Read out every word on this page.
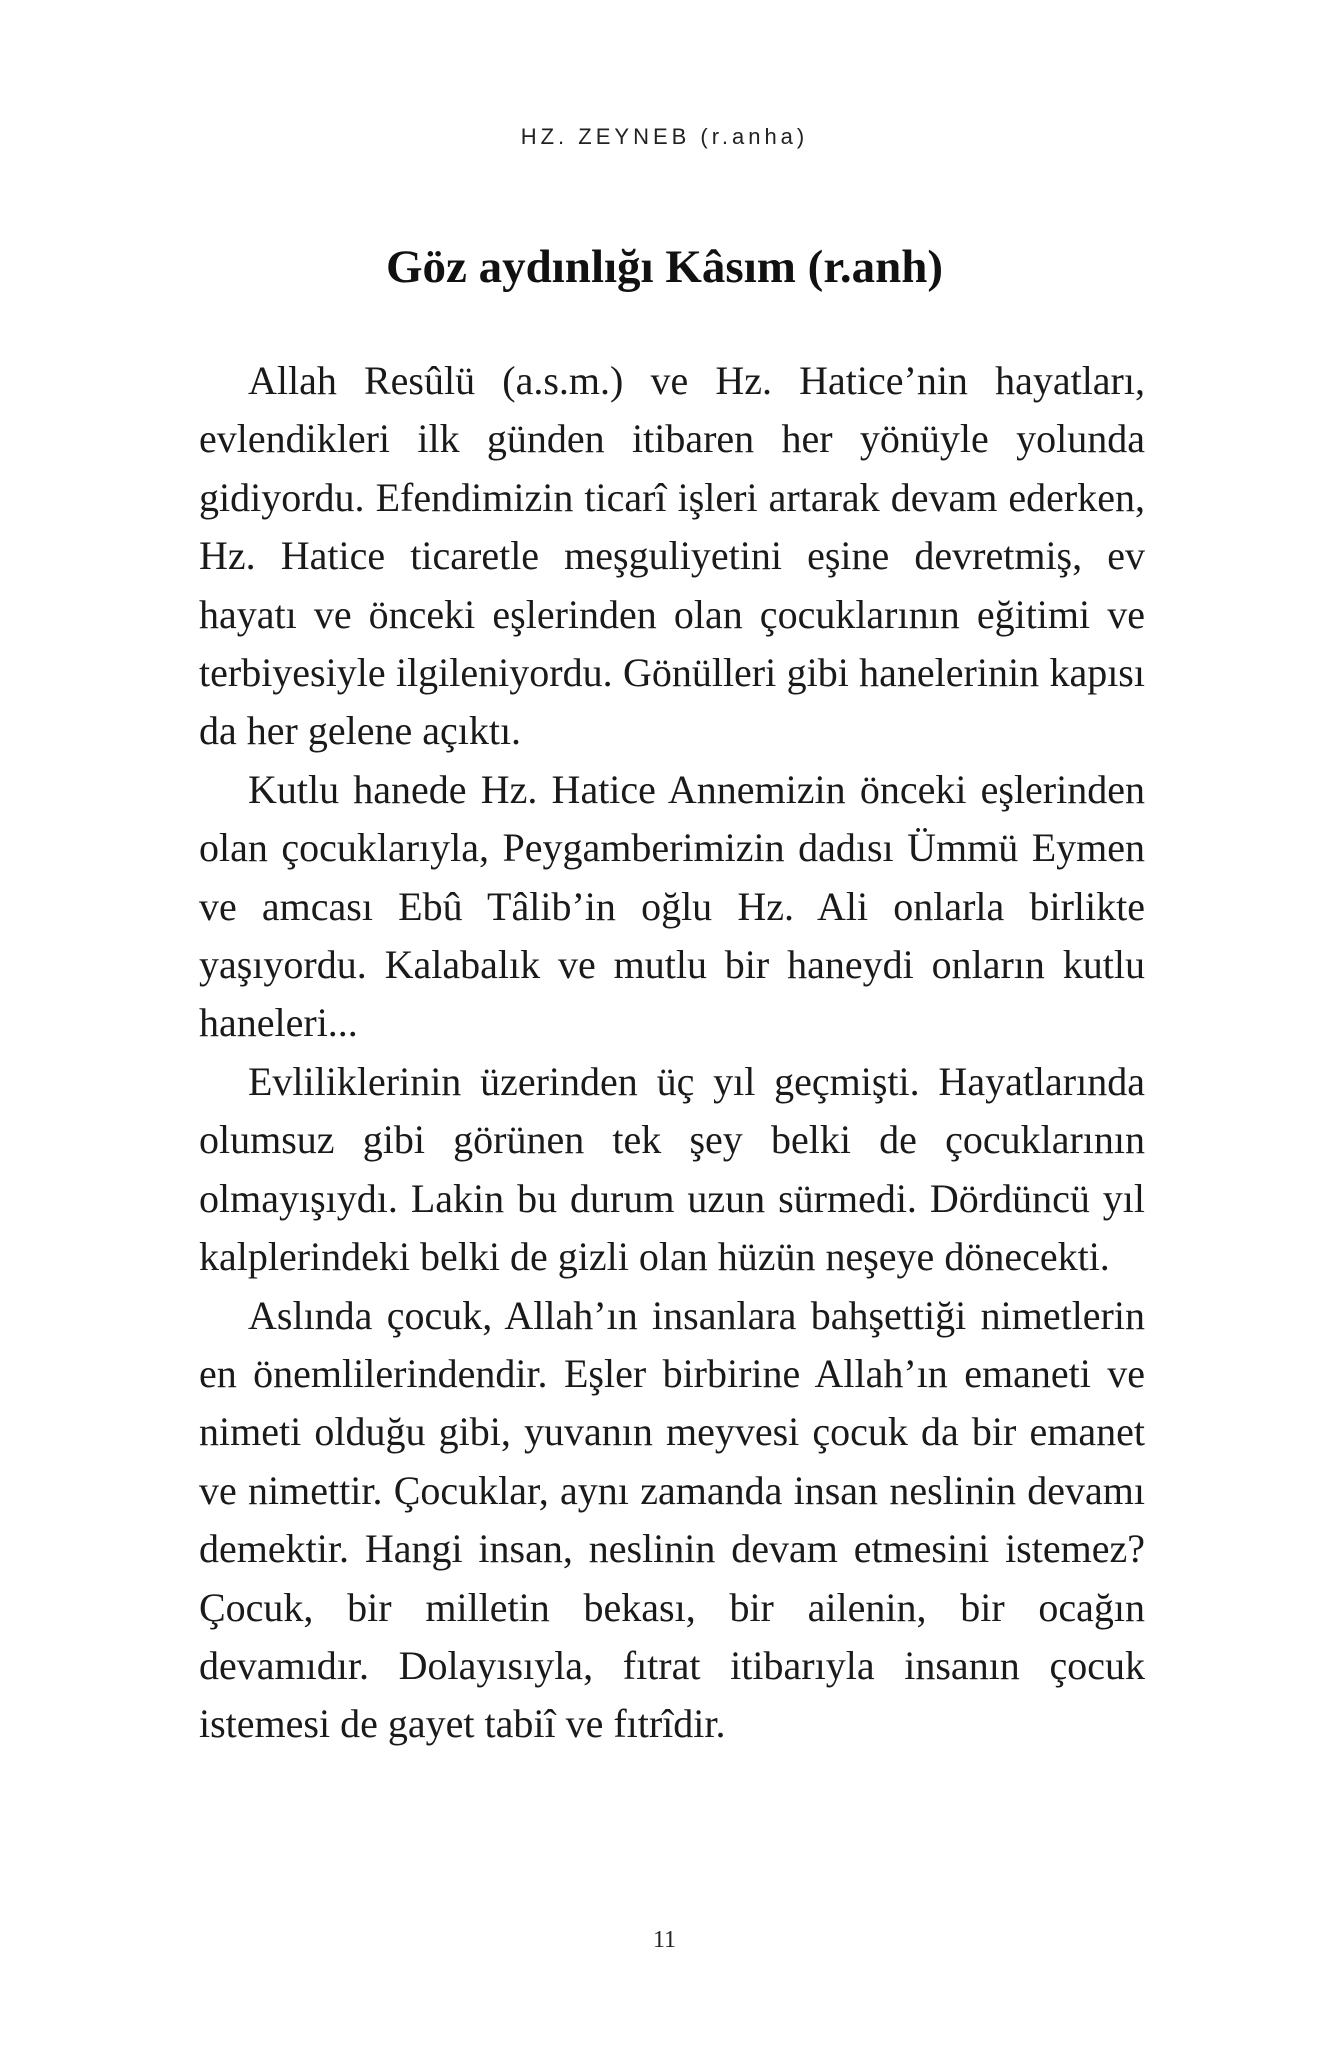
HZ. ZEYNEB (r.anha)
Göz aydınlığı Kâsım (r.anh)

Allah Resûlü (a.s.m.) ve Hz. Hatice’nin hayatları, evlendikleri ilk günden itibaren her yönüyle yolunda gidiyordu. Efendimizin ticarî işleri artarak devam ederken, Hz. Hatice ticaretle meşguliyetini eşine devretmiş, ev hayatı ve önceki eşlerinden olan çocuklarının eğitimi ve terbiyesiyle ilgileniyordu. Gönülleri gibi hanelerinin kapısı da her gelene açıktı.

Kutlu hanede Hz. Hatice Annemizin önceki eşlerinden olan çocuklarıyla, Peygamberimizin dadısı Ümmü Eymen ve amcası Ebû Tâlib’in oğlu Hz. Ali onlarla birlikte yaşıyordu. Kalabalık ve mutlu bir haneydi onların kutlu haneleri...

Evliliklerinin üzerinden üç yıl geçmişti. Hayatlarında olumsuz gibi görünen tek şey belki de çocuklarının olmayışıydı. Lakin bu durum uzun sürmedi. Dördüncü yıl kalplerindeki belki de gizli olan hüzün neşeye dönecekti.

Aslında çocuk, Allah’ın insanlara bahşettiği nimetlerin en önemlilerindendir. Eşler birbirine Allah’ın emaneti ve nimeti olduğu gibi, yuvanın meyvesi çocuk da bir emanet ve nimettir. Çocuklar, aynı zamanda insan neslinin devamı demektir. Hangi insan, neslinin devam etmesini istemez? Çocuk, bir milletin bekası, bir ailenin, bir ocağın devamıdır. Dolayısıyla, fıtrat itibarıyla insanın çocuk istemesi de gayet tabiî ve fıtrîdir.

11
